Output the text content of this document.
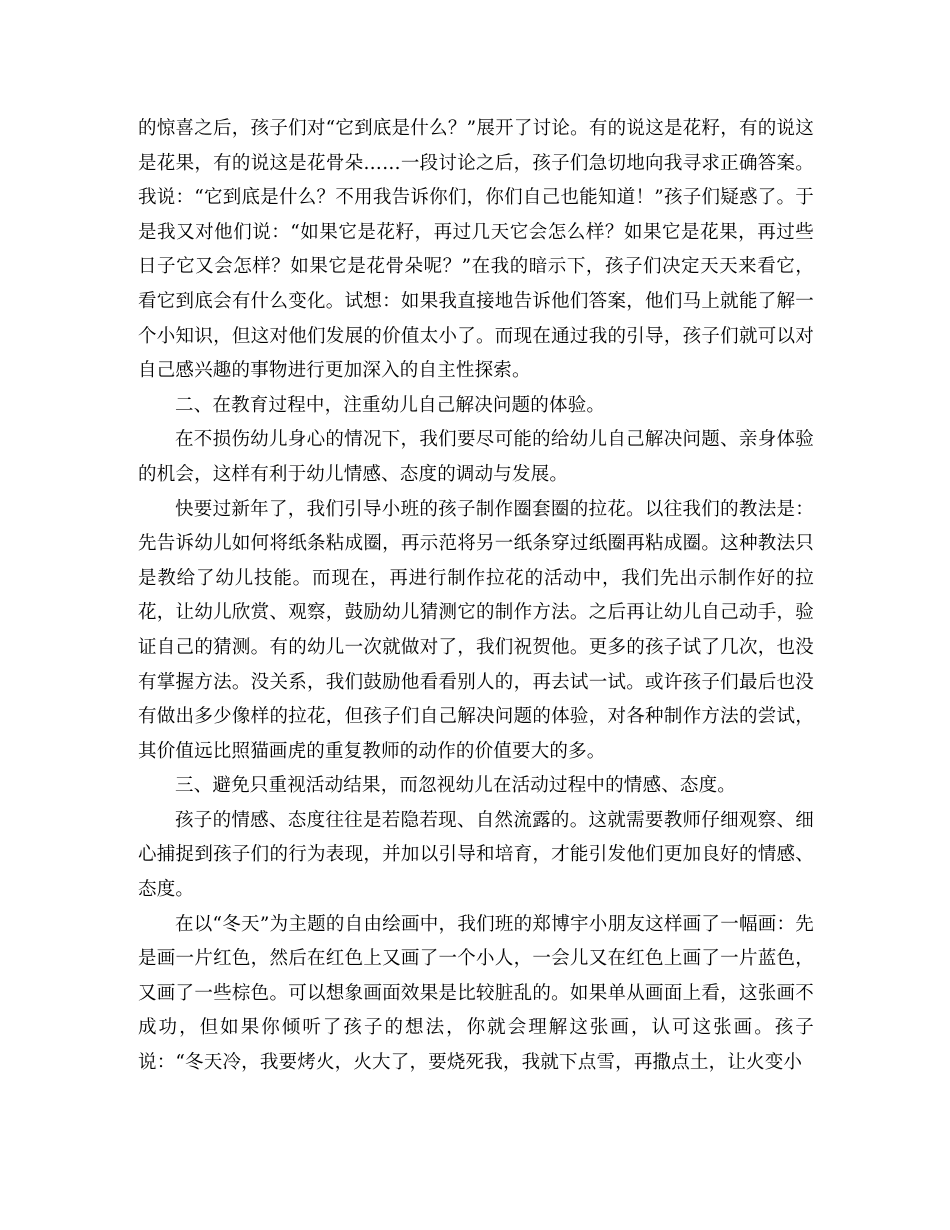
的惊喜之后，孩子们对“它到底是什么？”展开了讨论。有的说这是花籽，有的说这是花果，有的说这是花骨朵……一段讨论之后，孩子们急切地向我寻求正确答案。我说：“它到底是什么？不用我告诉你们，你们自己也能知道！”孩子们疑惑了。于是我又对他们说：“如果它是花籽，再过几天它会怎么样？如果它是花果，再过些日子它又会怎样？如果它是花骨朵呢？”在我的暗示下，孩子们决定天天来看它，看它到底会有什么变化。试想：如果我直接地告诉他们答案，他们马上就能了解一个小知识，但这对他们发展的价值太小了。而现在通过我的引导，孩子们就可以对自己感兴趣的事物进行更加深入的自主性探索。

二、在教育过程中，注重幼儿自己解决问题的体验。

在不损伤幼儿身心的情况下，我们要尽可能的给幼儿自己解决问题、亲身体验的机会，这样有利于幼儿情感、态度的调动与发展。

快要过新年了，我们引导小班的孩子制作圈套圈的拉花。以往我们的教法是：先告诉幼儿如何将纸条粘成圈，再示范将另一纸条穿过纸圈再粘成圈。这种教法只是教给了幼儿技能。而现在，再进行制作拉花的活动中，我们先出示制作好的拉花，让幼儿欣赏、观察，鼓励幼儿猜测它的制作方法。之后再让幼儿自己动手，验证自己的猜测。有的幼儿一次就做对了，我们祝贺他。更多的孩子试了几次，也没有掌握方法。没关系，我们鼓励他看看别人的，再去试一试。或许孩子们最后也没有做出多少像样的拉花，但孩子们自己解决问题的体验，对各种制作方法的尝试，其价值远比照猫画虎的重复教师的动作的价值要大的多。

三、避免只重视活动结果，而忽视幼儿在活动过程中的情感、态度。

孩子的情感、态度往往是若隐若现、自然流露的。这就需要教师仔细观察、细心捕捉到孩子们的行为表现，并加以引导和培育，才能引发他们更加良好的情感、态度。

在以“冬天”为主题的自由绘画中，我们班的郑博宇小朋友这样画了一幅画：先是画一片红色，然后在红色上又画了一个小人，一会儿又在红色上画了一片蓝色，又画了一些棕色。可以想象画面效果是比较脏乱的。如果单从画面上看，这张画不成功，但如果你倾听了孩子的想法，你就会理解这张画，认可这张画。孩子说：“冬天冷，我要烤火，火大了，要烧死我，我就下点雪，再撒点土，让火变小
